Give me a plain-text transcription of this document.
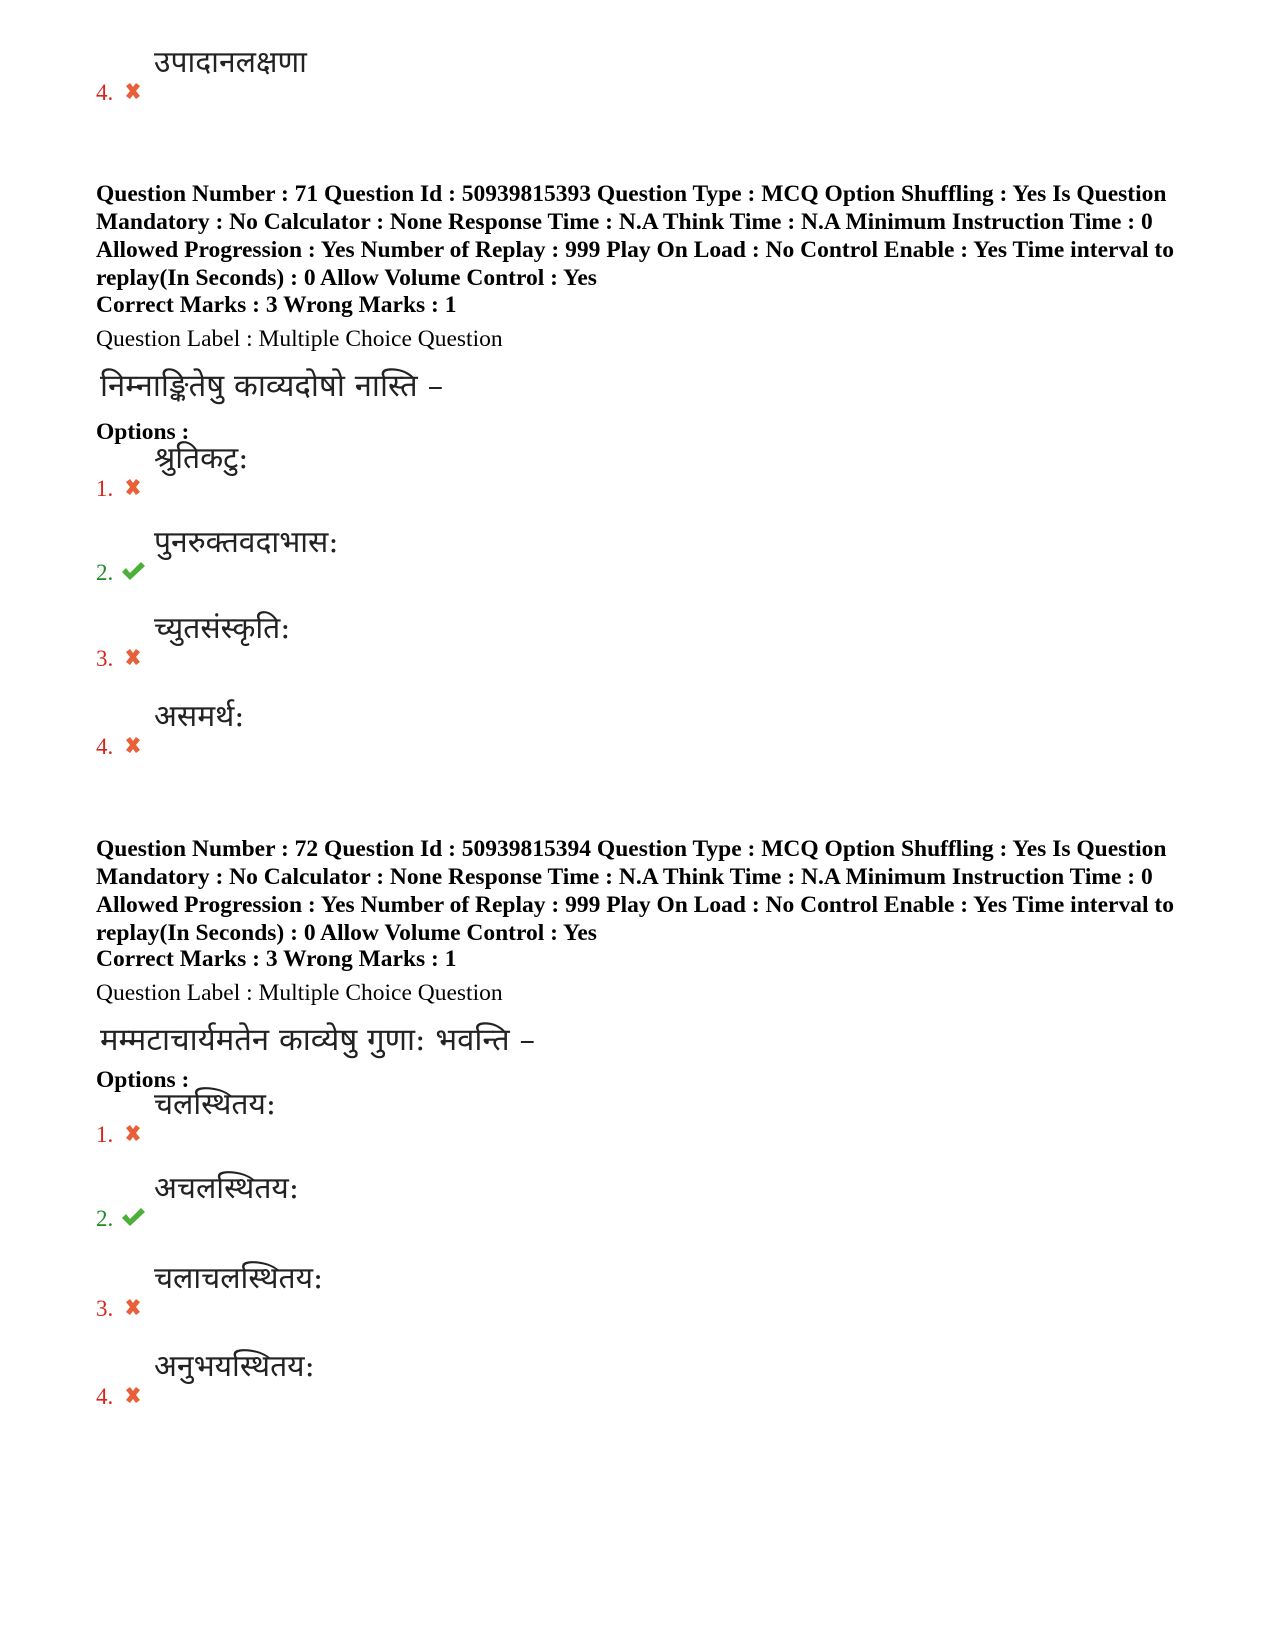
4.
उपादानलक्षणा
Question Number : 71 Question Id : 50939815393 Question Type : MCQ Option Shuffling : Yes Is Question Mandatory : No Calculator : None Response Time : N.A Think Time : N.A Minimum Instruction Time : 0 Allowed Progression : Yes Number of Replay : 999 Play On Load : No Control Enable : Yes Time interval to replay(In Seconds) : 0 Allow Volume Control : Yes
Correct Marks : 3 Wrong Marks : 1
Question Label : Multiple Choice Question
निम्नाङ्कितेषु काव्यदोषो नास्ति –
Options :
1.
श्रुतिकटु:
2.
पुनरुक्तवदाभास:
3.
च्युतसंस्कृति:
4.
असमर्थ:
Question Number : 72 Question Id : 50939815394 Question Type : MCQ Option Shuffling : Yes Is Question Mandatory : No Calculator : None Response Time : N.A Think Time : N.A Minimum Instruction Time : 0 Allowed Progression : Yes Number of Replay : 999 Play On Load : No Control Enable : Yes Time interval to replay(In Seconds) : 0 Allow Volume Control : Yes
Correct Marks : 3 Wrong Marks : 1
Question Label : Multiple Choice Question
मम्मटाचार्यमतेन काव्येषु गुणा: भवन्ति –
Options :
1.
चलस्थितय:
2.
अचलस्थितय:
3.
चलाचलस्थितय:
4.
अनुभयस्थितय:
